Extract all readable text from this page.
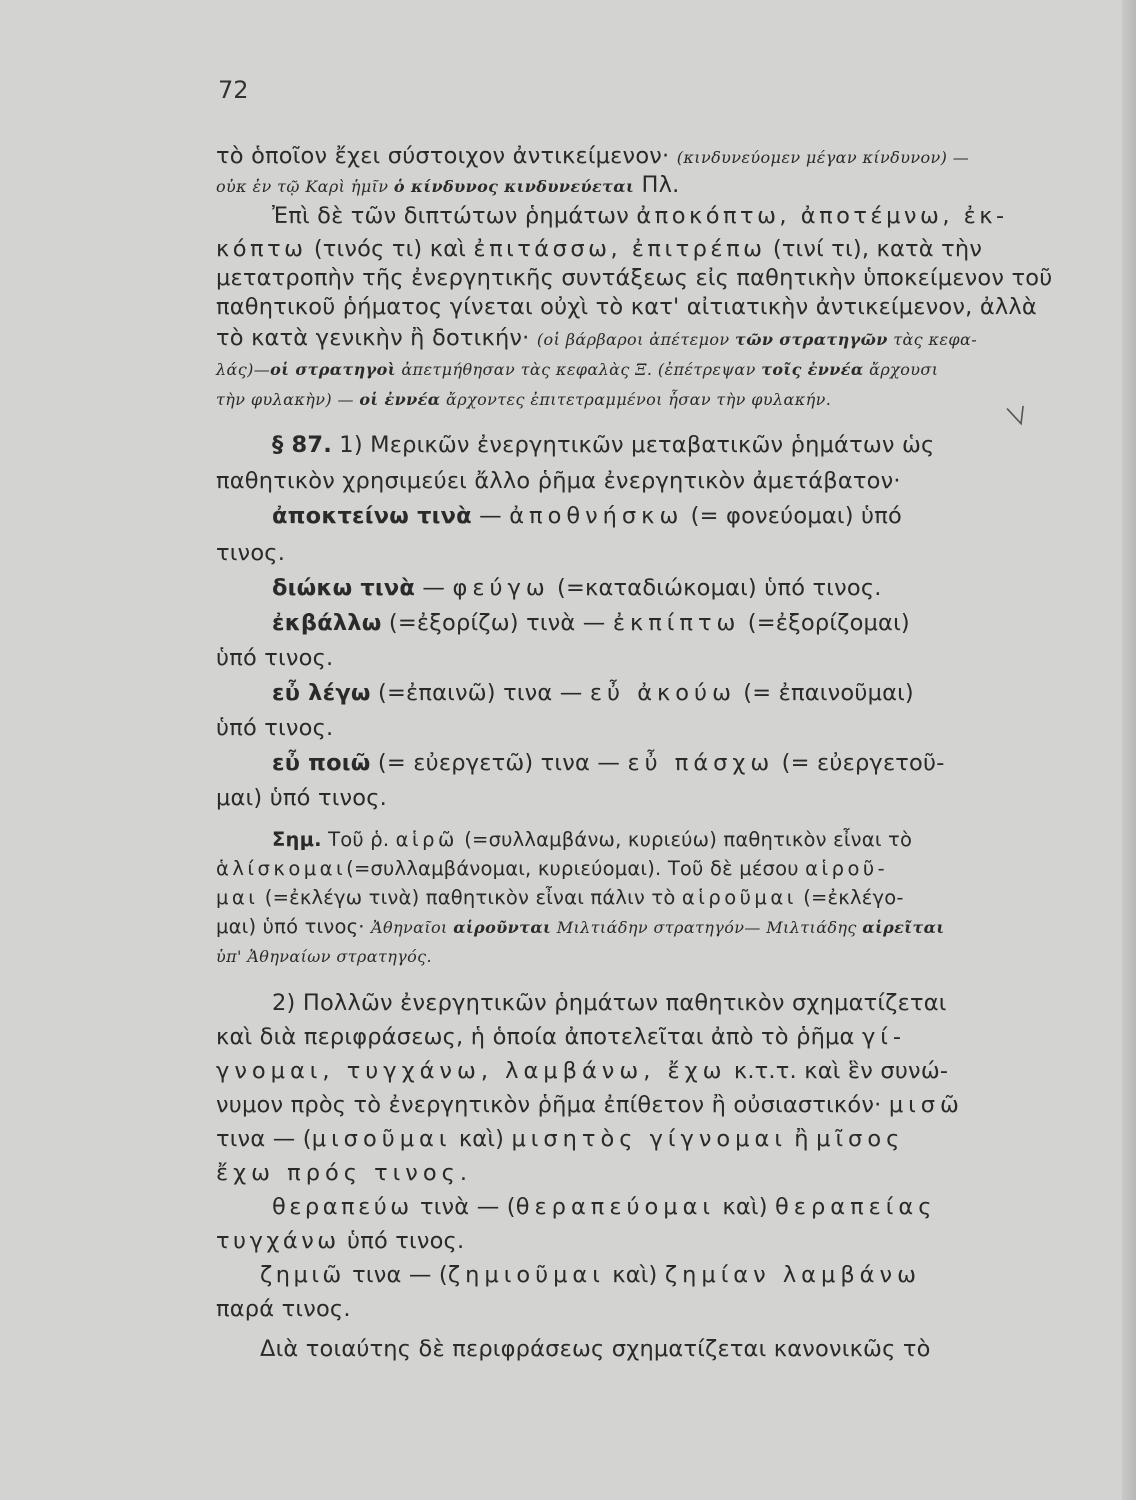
72
τὸ ὁποῖον ἔχει σύστοιχον ἀντικείμενον· (κινδυνεύομεν μέγαν κίνδυνον) —
οὐκ ἐν τῷ Καρὶ ἡμῖν ὁ κίνδυνος κινδυνεύεται Πλ.
Ἐπὶ δὲ τῶν διπτώτων ῥημάτων ἀποκόπτω, ἀποτέμνω, ἐκ-
κόπτω (τινός τι) καὶ ἐπιτάσσω, ἐπιτρέπω (τινί τι), κατὰ τὴν
μετατροπὴν τῆς ἐνεργητικῆς συντάξεως εἰς παθητικὴν ὑποκείμενον τοῦ
παθητικοῦ ῥήματος γίνεται οὐχὶ τὸ κατ' αἰτιατικὴν ἀντικείμενον, ἀλλὰ
τὸ κατὰ γενικὴν ἢ δοτικήν· (οἱ βάρβαροι ἀπέτεμον τῶν στρατηγῶν τὰς κεφα-
λάς)—οἱ στρατηγοὶ ἀπετμήθησαν τὰς κεφαλὰς Ξ. (ἐπέτρεψαν τοῖς ἐννέα ἄρχουσι
τὴν φυλακὴν) — οἱ ἐννέα ἄρχοντες ἐπιτετραμμένοι ἦσαν τὴν φυλακήν.
§ 87. 1) Μερικῶν ἐνεργητικῶν μεταβατικῶν ῥημάτων ὡς
παθητικὸν χρησιμεύει ἄλλο ῥῆμα ἐνεργητικὸν ἀμετάβατον·
ἀποκτείνω τινὰ — ἀποθνήσκω (= φονεύομαι) ὑπό
τινος.
διώκω τινὰ — φεύγω (=καταδιώκομαι) ὑπό τινος.
ἐκβάλλω (=ἐξορίζω) τινὰ — ἐκπίπτω (=ἐξορίζομαι)
ὑπό τινος.
εὖ λέγω (=ἐπαινῶ) τινα — εὖ ἀκούω (= ἐπαινοῦμαι)
ὑπό τινος.
εὖ ποιῶ (= εὐεργετῶ) τινα — εὖ πάσχω (= εὐεργετοῦ-
μαι) ὑπό τινος.
Σημ. Τοῦ ῥ. αἱρῶ (=συλλαμβάνω, κυριεύω) παθητικὸν εἶναι τὸ
ἁλίσκομαι(=συλλαμβάνομαι, κυριεύομαι). Τοῦ δὲ μέσου αἱροῦ-
μαι (=ἐκλέγω τινὰ) παθητικὸν εἶναι πάλιν τὸ αἱροῦμαι (=ἐκλέγο-
μαι) ὑπό τινος· Ἀθηναῖοι αἱροῦνται Μιλτιάδην στρατηγόν— Μιλτιάδης αἱρεῖται
ὑπ' Ἀθηναίων στρατηγός.
2) Πολλῶν ἐνεργητικῶν ῥημάτων παθητικὸν σχηματίζεται
καὶ διὰ περιφράσεως, ἡ ὁποία ἀποτελεῖται ἀπὸ τὸ ῥῆμα γί-
γνομαι, τυγχάνω, λαμβάνω, ἔχω κ.τ.τ. καὶ ἓν συνώ-
νυμον πρὸς τὸ ἐνεργητικὸν ῥῆμα ἐπίθετον ἢ οὐσιαστικόν· μισῶ
τινα — (μισοῦμαι καὶ) μισητὸς γίγνομαι ἢ μῖσος
ἔχω πρός τινος.
θεραπεύω τινὰ — (θεραπεύομαι καὶ) θεραπείας
τυγχάνω ὑπό τινος.
ζημιῶ τινα — (ζημιοῦμαι καὶ) ζημίαν λαμβάνω
παρά τινος.
Διὰ τοιαύτης δὲ περιφράσεως σχηματίζεται κανονικῶς τὸ
